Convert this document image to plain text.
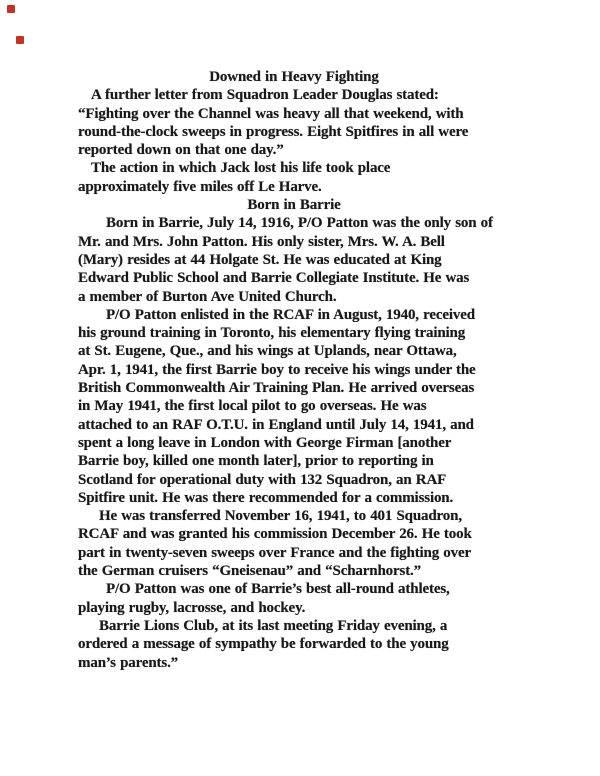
Downed in Heavy Fighting
A further letter from Squadron Leader Douglas stated:
“Fighting over the Channel was heavy all that weekend, with
round-the-clock sweeps in progress. Eight Spitfires in all were
reported down on that one day.”
The action in which Jack lost his life took place
approximately five miles off Le Harve.
Born in Barrie
Born in Barrie, July 14, 1916, P/O Patton was the only son of
Mr. and Mrs. John Patton. His only sister, Mrs. W. A. Bell
(Mary) resides at 44 Holgate St. He was educated at King
Edward Public School and Barrie Collegiate Institute. He was
a member of Burton Ave United Church.
P/O Patton enlisted in the RCAF in August, 1940, received
his ground training in Toronto, his elementary flying training
at St. Eugene, Que., and his wings at Uplands, near Ottawa,
Apr. 1, 1941, the first Barrie boy to receive his wings under the
British Commonwealth Air Training Plan. He arrived overseas
in May 1941, the first local pilot to go overseas. He was
attached to an RAF O.T.U. in England until July 14, 1941, and
spent a long leave in London with George Firman [another
Barrie boy, killed one month later], prior to reporting in
Scotland for operational duty with 132 Squadron, an RAF
Spitfire unit. He was there recommended for a commission.
He was transferred November 16, 1941, to 401 Squadron,
RCAF and was granted his commission December 26. He took
part in twenty-seven sweeps over France and the fighting over
the German cruisers “Gneisenau” and “Scharnhorst.”
P/O Patton was one of Barrie’s best all-round athletes,
playing rugby, lacrosse, and hockey.
Barrie Lions Club, at its last meeting Friday evening, a
ordered a message of sympathy be forwarded to the young
man’s parents.”
